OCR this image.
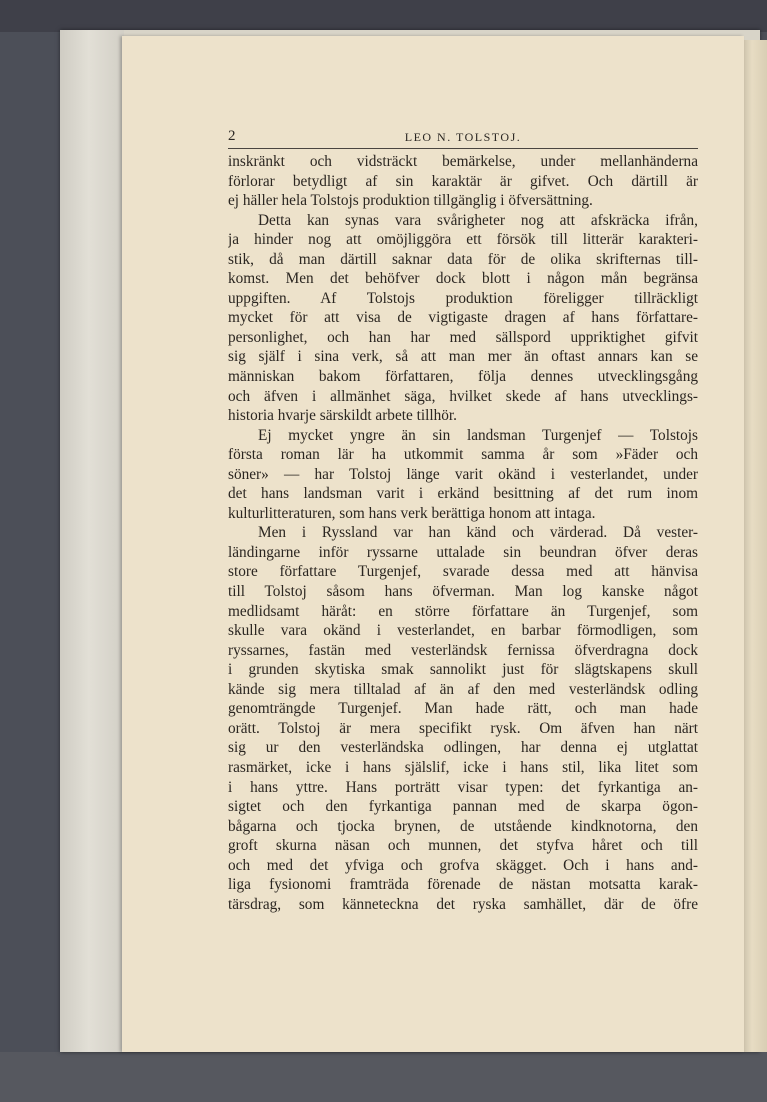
2	LEO N. TOLSTOJ.
inskränkt och vidsträckt bemärkelse, under mellanhänderna
förlorar betydligt af sin karaktär är gifvet. Och därtill är
ej häller hela Tolstojs produktion tillgänglig i öfversättning.
Detta kan synas vara svårigheter nog att afskräcka ifrån,
ja hinder nog att omöjliggöra ett försök till litterär karakteri-
stik, då man därtill saknar data för de olika skrifternas till-
komst. Men det behöfver dock blott i någon mån begränsa
uppgiften. Af Tolstojs produktion föreligger tillräckligt
mycket för att visa de vigtigaste dragen af hans författare-
personlighet, och han har med sällspord uppriktighet gifvit
sig själf i sina verk, så att man mer än oftast annars kan se
människan bakom författaren, följa dennes utvecklingsgång
och äfven i allmänhet säga, hvilket skede af hans utvecklings-
historia hvarje särskildt arbete tillhör.
Ej mycket yngre än sin landsman Turgenjef — Tolstojs
första roman lär ha utkommit samma år som »Fäder och
söner» — har Tolstoj länge varit okänd i vesterlandet, under
det hans landsman varit i erkänd besittning af det rum inom
kulturlitteraturen, som hans verk berättiga honom att intaga.
Men i Ryssland var han känd och värderad. Då vester-
ländingarne inför ryssarne uttalade sin beundran öfver deras
store författare Turgenjef, svarade dessa med att hänvisa
till Tolstoj såsom hans öfverman. Man log kanske något
medlidsamt häråt: en större författare än Turgenjef, som
skulle vara okänd i vesterlandet, en barbar förmodligen, som
ryssarnes, fastän med vesterländsk fernissa öfverdragna dock
i grunden skytiska smak sannolikt just för slägtskapens skull
kände sig mera tilltalad af än af den med vesterländsk odling
genomträngde Turgenjef. Man hade rätt, och man hade
orätt. Tolstoj är mera specifikt rysk. Om äfven han närt
sig ur den vesterländska odlingen, har denna ej utglattat
rasmärket, icke i hans själslif, icke i hans stil, lika litet som
i hans yttre. Hans porträtt visar typen: det fyrkantiga an-
sigtet och den fyrkantiga pannan med de skarpa ögon-
bågarna och tjocka brynen, de utstående kindknotorna, den
groft skurna näsan och munnen, det styfva håret och till
och med det yfviga och grofva skägget. Och i hans and-
liga fysionomi framträda förenade de nästan motsatta karak-
tärsdrag, som känneteckna det ryska samhället, där de öfre
